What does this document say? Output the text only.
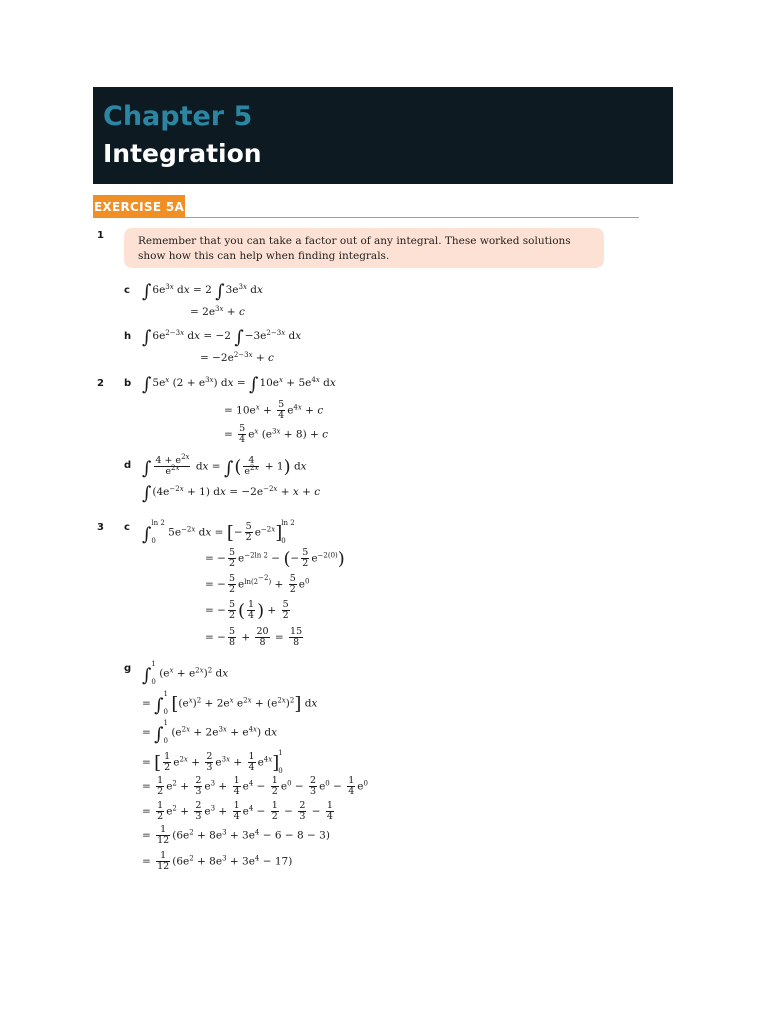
Chapter 5
Integration
EXERCISE 5A
1	Remember that you can take a factor out of any integral. These worked solutions show how this can help when finding integrals.
c $\int 6e^{3x}$ dx = 2 $\int 3e^{3x}$ dx
= $2e^{3x} + c$
h $\int 6e^{2-3x}$ dx = −2 $\int-3e^{2-3x}$ dx
= $-2e^{2-3x} + c$
2 b $\int 5e^x$ $(2 + e^{3x})$ dx = $\int 10e^x + 5e^{4x}$ dx
= $10e^x + \frac{5}{4} e^{4x} + c$
= $\frac{5}{4} e^x$ $(e^{3x} + 8) + c$
d ∫ $\frac{4 + e^{2x}}{e^{2x}}$ dx = ∫( $\frac{4}{e^{2x}} + 1$) dx
$\int(4e^{-2x} + 1)$ dx = $-2e^{-2x} + x + c$
3 c ∫ln 2

0 $5e^{-2x}$ dx = [− $\frac{5}{2} e^{-2x}]\ln$ 2

0
= − $\frac{5}{2} e^{-2ln 2}$ − (− $\frac{5}{2} e^{-2(0)}$)
= − $\frac{5}{2} e^{ln(2^{-2})} + \frac{5}{2} e^0$
= − $\frac{5}{2}$ ( $\frac{1}{4}$ ) + $\frac{5}{2}$
= − $\frac{5}{8} + \frac{20}{8} = \frac{15}{8}$
g ∫1

0 $(e^x + e^{2x})^2$ dx
= ∫1

0 [$(e^x)^2 + 2e^x$ $e^{2x} + (e^{2x})^2$] dx
= ∫1

0 $(e^{2x} + 2e^{3x} + e^{4x})$ dx
= [ $\frac{1}{2} e^{2x} + \frac{2}{3} e^{3x} + \frac{1}{4} e^{4x}]1$

0
= $\frac{1}{2} e^2 + \frac{2}{3} e^3 + \frac{1}{4} e^4 - \frac{1}{2} e^0 - \frac{2}{3} e^0 - \frac{1}{4} e^0$
= $\frac{1}{2} e^2 + \frac{2}{3} e^3 + \frac{1}{4} e^4 - \frac{1}{2} - \frac{2}{3} - \frac{1}{4}$
= $\frac{1}{12} (6e^2 + 8e^3 + 3e^4 - 6 - 8 - 3)$
= $\frac{1}{12} (6e^2 + 8e^3 + 3e^4 - 17)$
